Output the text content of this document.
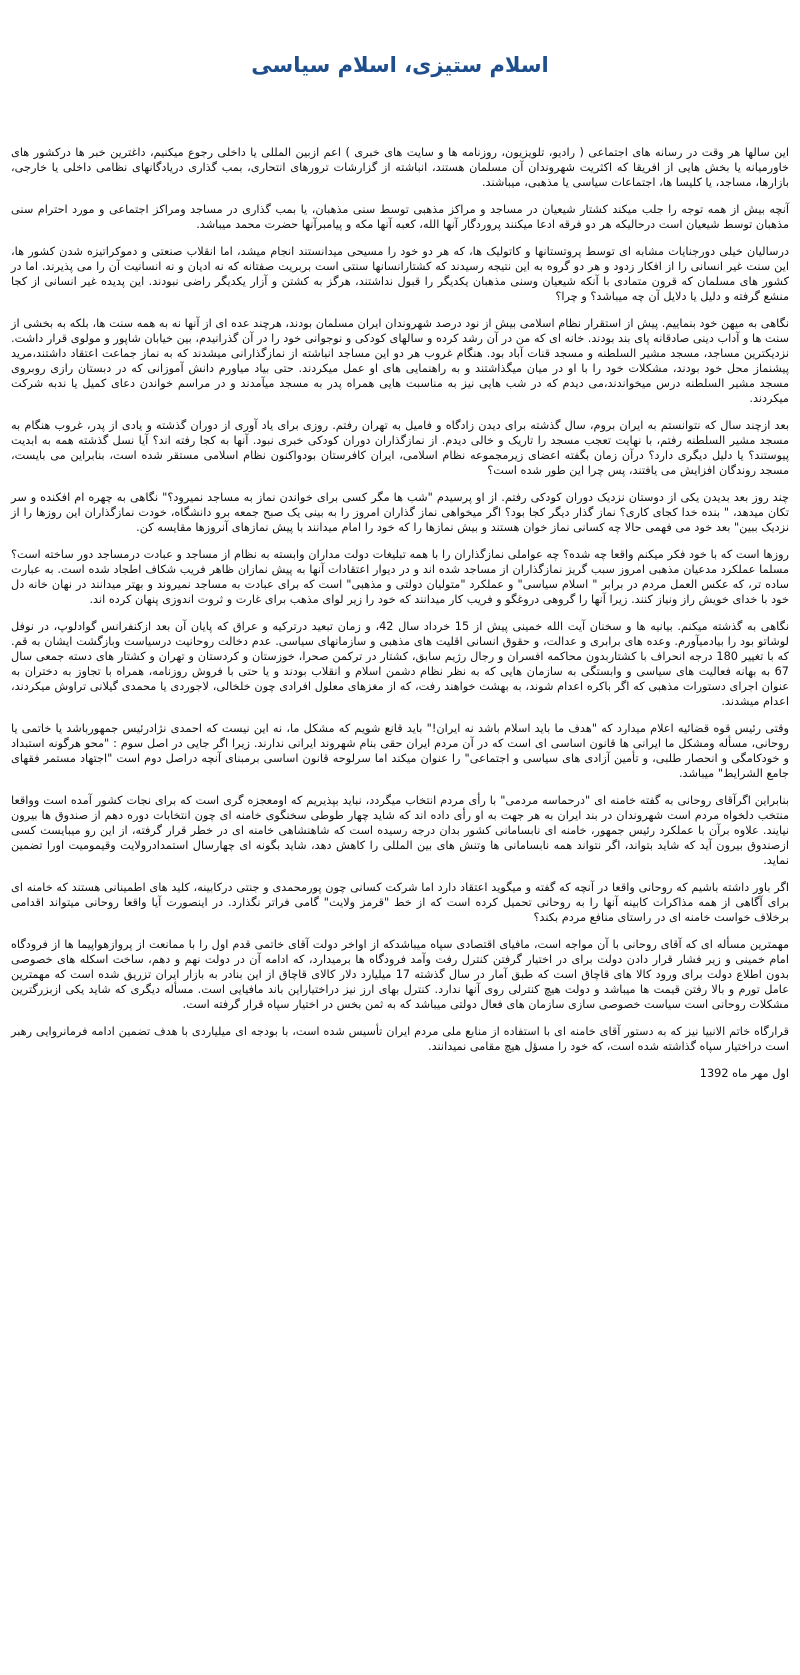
اسلام ستیزی، اسلام سیاسی

این سالها هر وقت در رسانه های اجتماعی ( رادیو، تلویزیون، روزنامه ها و سایت های خبری ) اعم ازبین المللی یا داخلی رجوع میکنیم، داغترین خبر ها درکشور های خاورمیانه یا بخش هایی از افریقا که اکثریت شهروندان آن مسلمان هستند، انباشته از گزارشات ترورهای انتحاری، بمب گذاری دریادگانهای نظامی داخلی یا خارجی، بازارها، مساجد، یا کلیسا ها، اجتماعات سیاسی یا مذهبی، میباشند.

آنچه بیش از همه توجه را جلب میکند کشتار شیعیان در مساجد و مراکز مذهبی توسط سنی مذهبان، یا بمب گذاری در مساجد ومراکز اجتماعی و مورد احترام سنی مذهبان توسط شیعیان است درحالیکه هر دو فرقه ادعا میکنند پروردگار آنها الله، کعبه آنها مکه و پیامبرآنها حضرت محمد میباشد.

درسالیان خیلی دورجنایات مشابه ای توسط پروتستانها و کاتولیک ها، که هر دو خود را مسیحی میدانستند انجام میشد، اما انقلاب صنعتی و دموکراتیزه شدن کشور ها، این سنت غیر انسانی را از افکار زدود و هر دو گروه به این نتیجه رسیدند که کشتارانسانها سنتی است بربریت صفتانه که نه ادیان و نه انسانیت آن را می پذیرند. اما در کشور های مسلمان که قرون متمادی با آنکه شیعیان وسنی مذهبان یکدیگر را قبول نداشتند، هرگز به کشتن و آزار یکدیگر راضی نبودند. این پدیده غیر انسانی از کجا منشع گرفته و دلیل یا دلایل آن چه میباشد؟ و چرا؟

نگاهی به میهن خود بنماییم. پیش از استقرار نظام اسلامی بیش از نود درصد شهروندان ایران مسلمان بودند، هرچند عده ای از آنها نه به همه سنت ها، بلکه به بخشی از سنت ها و آداب دینی صادقانه پای بند بودند. خانه ای که من در آن رشد کرده و سالهای کودکی و نوجوانی خود را در آن گذرانیدم، بین خیابان شاپور و مولوی قرار داشت. نزدیکترین مساجد، مسجد مشیر السلطنه و مسجد قنات آباد بود. هنگام غروب هر دو این مساجد انباشته از نمازگذارانی میشدند که به نماز جماعت اعتقاد داشتند،مرید پیشنماز محل خود بودند، مشکلات خود را با او در میان میگذاشتند و به راهنمایی های او عمل میکردند. حتی بیاد میاورم دانش آموزانی که در دبستان رازی روبروی مسجد مشیر السلطنه درس میخواندند،می دیدم که در شب هایی نیز به مناسبت هایی همراه پدر به مسجد میآمدند و در مراسم خواندن دعای کمیل یا ندبه شرکت میکردند.

بعد ازچند سال که نتوانستم به ایران بروم، سال گذشته برای دیدن زادگاه و فامیل به تهران رفتم. روزی برای یاد آوری از دوران گذشته و یادی از پدر، غروب هنگام به مسجد مشیر السلطنه رفتم، با نهایت تعجب مسجد را تاریک و خالی دیدم. از نمازگذاران دوران کودکی خبری نبود. آنها به کجا رفته اند؟ آیا نسل گذشته همه به ابدیت پیوستند؟ یا دلیل دیگری دارد؟ درآن زمان بگفته اعضای زیرمجموعه نظام اسلامی، ایران کافرستان بودواکنون نظام اسلامی مستقر شده است، بنابراین می بایست، مسجد روندگان افزایش می یافتند، پس چرا این طور شده است؟

چند روز بعد بدیدن یکی از دوستان نزدیک دوران کودکی رفتم. از او پرسیدم "شب ها مگر کسی برای خواندن نماز به مساجد نمیرود؟" نگاهی به چهره ام افکنده و سر تکان میدهد، " بنده خدا کجای کاری؟ نماز گذار دیگر کجا بود؟ اگر میخواهی نماز گذاران امروز را به بینی یک صبح جمعه برو دانشگاه، خودت نمازگذاران این روزها را از نزدیک ببین" بعد خود می فهمی حالا چه کسانی نماز خوان هستند و بیش نمازها را که خود را امام میدانند با پیش نمازهای آنروزها مقایسه کن.

روزها است که با خود فکر میکنم واقعا چه شده؟ چه عواملی نمازگذاران را با همه تبلیغات دولت مداران وابسته به نظام از مساجد و عبادت درمساجد دور ساخته است؟ مسلما عملکرد مدعیان مذهبی امروز سبب گریز نمازگذاران از مساجد شده اند و در دیوار اعتقادات آنها به پیش نمازان ظاهر فریب شکاف اطجاد شده است. به عبارت ساده تر، که عکس العمل مردم در برابر " اسلام سیاسی" و عملکرد "متولیان دولتی و مذهبی" است که برای عبادت به مساجد نمیروند و بهتر میدانند در نهان خانه دل خود با خدای خویش راز ونیاز کنند. زیرا آنها را گروهی دروغگو و فریب کار میدانند که خود را زیر لوای مذهب برای غارت و ثروت اندوزی پنهان کرده اند.

نگاهی به گذشته میکنم. بیانیه ها و سخنان آیت الله خمینی پیش از 15 خرداد سال 42، و زمان تبعید درترکیه و عراق که پایان آن بعد ازکنفرانس گوادلوپ، در نوفل لوشاتو بود را بیادمیآورم. وعده های برابری و عدالت، و حقوق انسانی اقلیت های مذهبی و سازمانهای سیاسی. عدم دخالت روحانیت درسیاست وبازگشت ایشان به قم. که با تغییر 180 درجه انحراف با کشتاربدون محاکمه افسران و رجال رژیم سابق، کشتار در ترکمن صحرا، خوزستان و کردستان و تهران و کشتار های دسته جمعی سال 67 به بهانه فعالیت های سیاسی و وابستگی به سازمان هایی که به نظر نظام دشمن اسلام و انقلاب بودند و یا حتی با فروش روزنامه، همراه با تجاوز به دختران به عنوان اجرای دستورات مذهبی که اگر باکره اعدام شوند، به بهشت خواهند رفت، که از مغزهای معلول افرادی چون خلخالی، لاجوردی یا محمدی گیلانی تراوش میکردند، اعدام میشدند.

وقتی رئیس قوه قضائیه اعلام میدارد که "هدف ما باید اسلام باشد نه ایران!" باید قانع شویم که مشکل ما، نه این نیست که احمدی نژادرئیس جمهورباشد یا خاتمی یا روحانی، مسأله ومشکل ما ایرانی ها قانون اساسی ای است که در آن مردم ایران حقی بنام شهروند ایرانی ندارند. زیرا اگر جایی در اصل سوم : "محو هرگونه استبداد و خودکامگی و انحصار طلبی، و تأمین آزادی های سیاسی و اجتماعی" را عنوان میکند اما سرلوحه قانون اساسی برمبنای آنچه دراصل دوم است "اجتهاد مستمر فقهای جامع الشرایط" میباشد.

بنابراین اگرآقای روحانی به گفته خامنه ای "درحماسه مردمی" با رأی مردم انتخاب میگردد، نباید بپذیریم که اومعجزه گری است که برای نجات کشور آمده است وواقعا منتخب دلخواه مردم است شهروندان در بند ایران به هر جهت به او رأی داده اند که شاید چهار طوطی سخنگوی خامنه ای چون انتخابات دوره دهم از صندوق ها بیرون نیایند. علاوه برآن با عملکرد رئیس جمهور، خامنه ای نابسامانی کشور بدان درجه رسیده است که شاهنشاهی خامنه ای در خطر قرار گرفته، از این رو میبایست کسی ازصندوق بیرون آید که شاید بتواند، اگر نتواند همه نابسامانی ها وتنش های بین المللی را کاهش دهد، شاید بگونه ای چهارسال استمدادرولایت وقیمومیت اورا تضمین نماید.

اگر باور داشته باشیم که روحانی واقعا در آنچه که گفته و میگوید اعتقاد دارد اما شرکت کسانی چون پورمحمدی و جنتی درکابینه، کلید های اطمینانی هستند که خامنه ای برای آگاهی از همه مذاکرات کابینه آنها را به روحانی تحمیل کرده است که از خط "قرمز ولایت" گامی فراتر نگذارد. در اینصورت آیا واقعا روحانی میتواند اقدامی برخلاف خواست خامنه ای در راستای منافع مردم بکند؟

مهمترین مسأله ای که آقای روحانی با آن مواجه است، مافیای اقتصادی سپاه میباشدکه از اواخر دولت آقای خاتمی قدم اول را با ممانعت از پروازهواپیما ها از فرودگاه امام خمینی و زیر فشار قرار دادن دولت برای در اختیار گرفتن کنترل رفت وآمد فرودگاه ها برمیدارد، که ادامه آن در دولت نهم و دهم، ساخت اسکله های خصوصی بدون اطلاع دولت برای ورود کالا های قاچاق است که طبق آمار در سال گذشته 17 میلیارد دلار کالای قاچاق از این بنادر به بازار ایران تزریق شده است که مهمترین عامل تورم و بالا رفتن قیمت ها میباشد و دولت هیچ کنترلی روی آنها ندارد. کنترل بهای ارز نیز دراختیاراین باند مافیایی است. مسأله دیگری که شاید یکی ازبزرگترین مشکلات روحانی است سیاست خصوصی سازی سازمان های فعال دولتی میباشد که به ثمن بخس در اختیار سپاه قرار گرفته است.

قرارگاه خاتم الانبیا نیز که به دستور آقای خامنه ای با استفاده از منابع ملی مردم ایران تأسیس شده است، با بودجه ای میلیاردی با هدف تضمین ادامه فرمانروایی رهبر است دراختیار سپاه گذاشته شده است، که خود را مسؤل هیچ مقامی نمیدانند.

اول مهر ماه 1392
